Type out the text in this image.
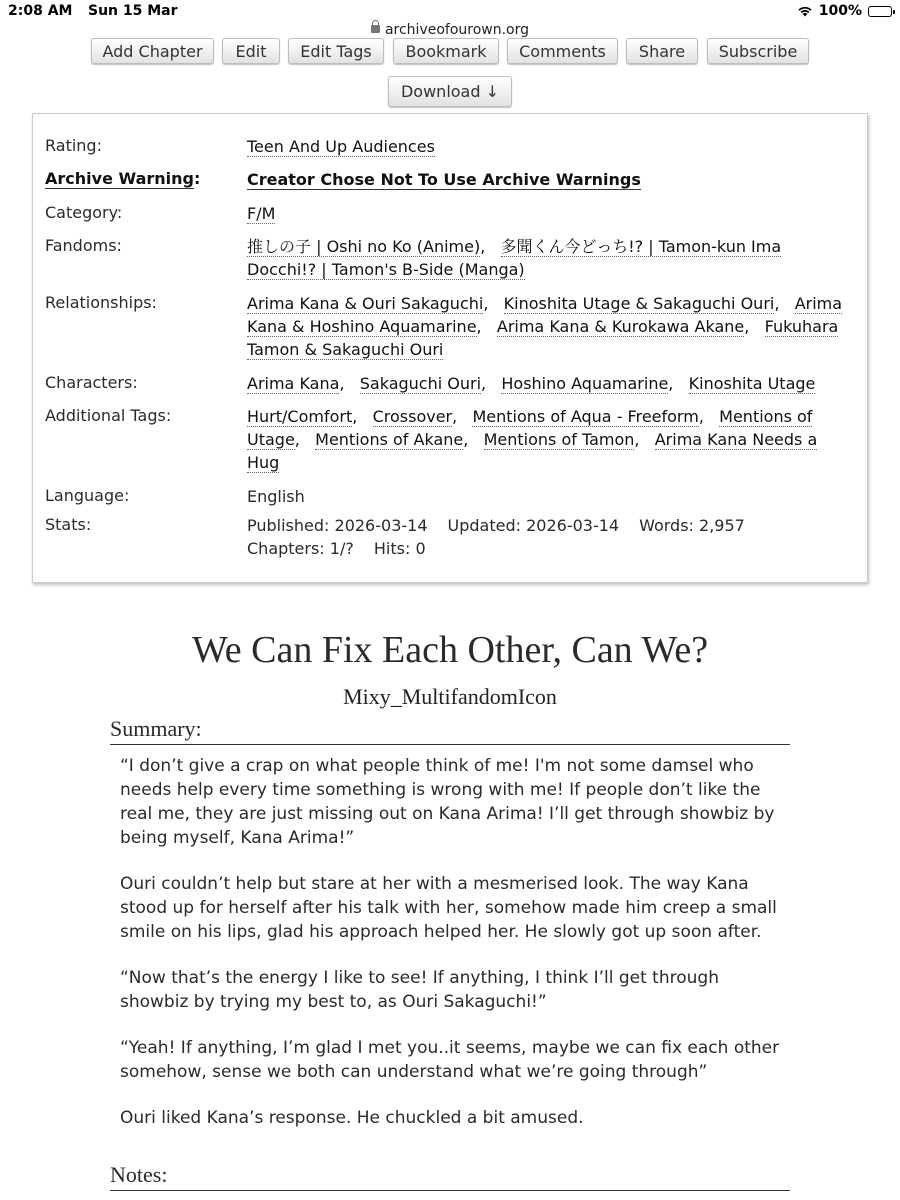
2:08 AM Sun 15 Mar
archiveofourown.org
100%
Add Chapter	Edit	Edit Tags	Bookmark	Comments	Share	Subscribe
Download ↓
Rating:	Teen And Up Audiences
Archive Warning:	Creator Chose Not To Use Archive Warnings
Category:	F/M
Fandoms:	推しの子 | Oshi no Ko (Anime),   多聞くん今どっち!? | Tamon-kun Ima Docchi!? | Tamon's B-Side (Manga)
Relationships:	Arima Kana & Ouri Sakaguchi,   Kinoshita Utage & Sakaguchi Ouri,   Arima Kana & Hoshino Aquamarine,   Arima Kana & Kurokawa Akane,   Fukuhara Tamon & Sakaguchi Ouri
Characters:	Arima Kana,   Sakaguchi Ouri,   Hoshino Aquamarine,   Kinoshita Utage
Additional Tags:	Hurt/Comfort,   Crossover,   Mentions of Aqua - Freeform,   Mentions of Utage,   Mentions of Akane,   Mentions of Tamon,   Arima Kana Needs a Hug
Language:	English
Stats:	Published: 2026-03-14 Updated: 2026-03-14 Words: 2,957
Chapters: 1/? Hits: 0
We Can Fix Each Other, Can We?
Mixy_MultifandomIcon
Summary:

“I don’t give a crap on what people think of me! I'm not some damsel who needs help every time something is wrong with me! If people don’t like the real me, they are just missing out on Kana Arima! I’ll get through showbiz by being myself, Kana Arima!”

Ouri couldn’t help but stare at her with a mesmerised look. The way Kana stood up for herself after his talk with her, somehow made him creep a small smile on his lips, glad his approach helped her. He slowly got up soon after.

“Now that’s the energy I like to see! If anything, I think I’ll get through showbiz by trying my best to, as Ouri Sakaguchi!”

“Yeah! If anything, I’m glad I met you..it seems, maybe we can fix each other somehow, sense we both can understand what we’re going through”

Ouri liked Kana’s response. He chuckled a bit amused.

Notes:
